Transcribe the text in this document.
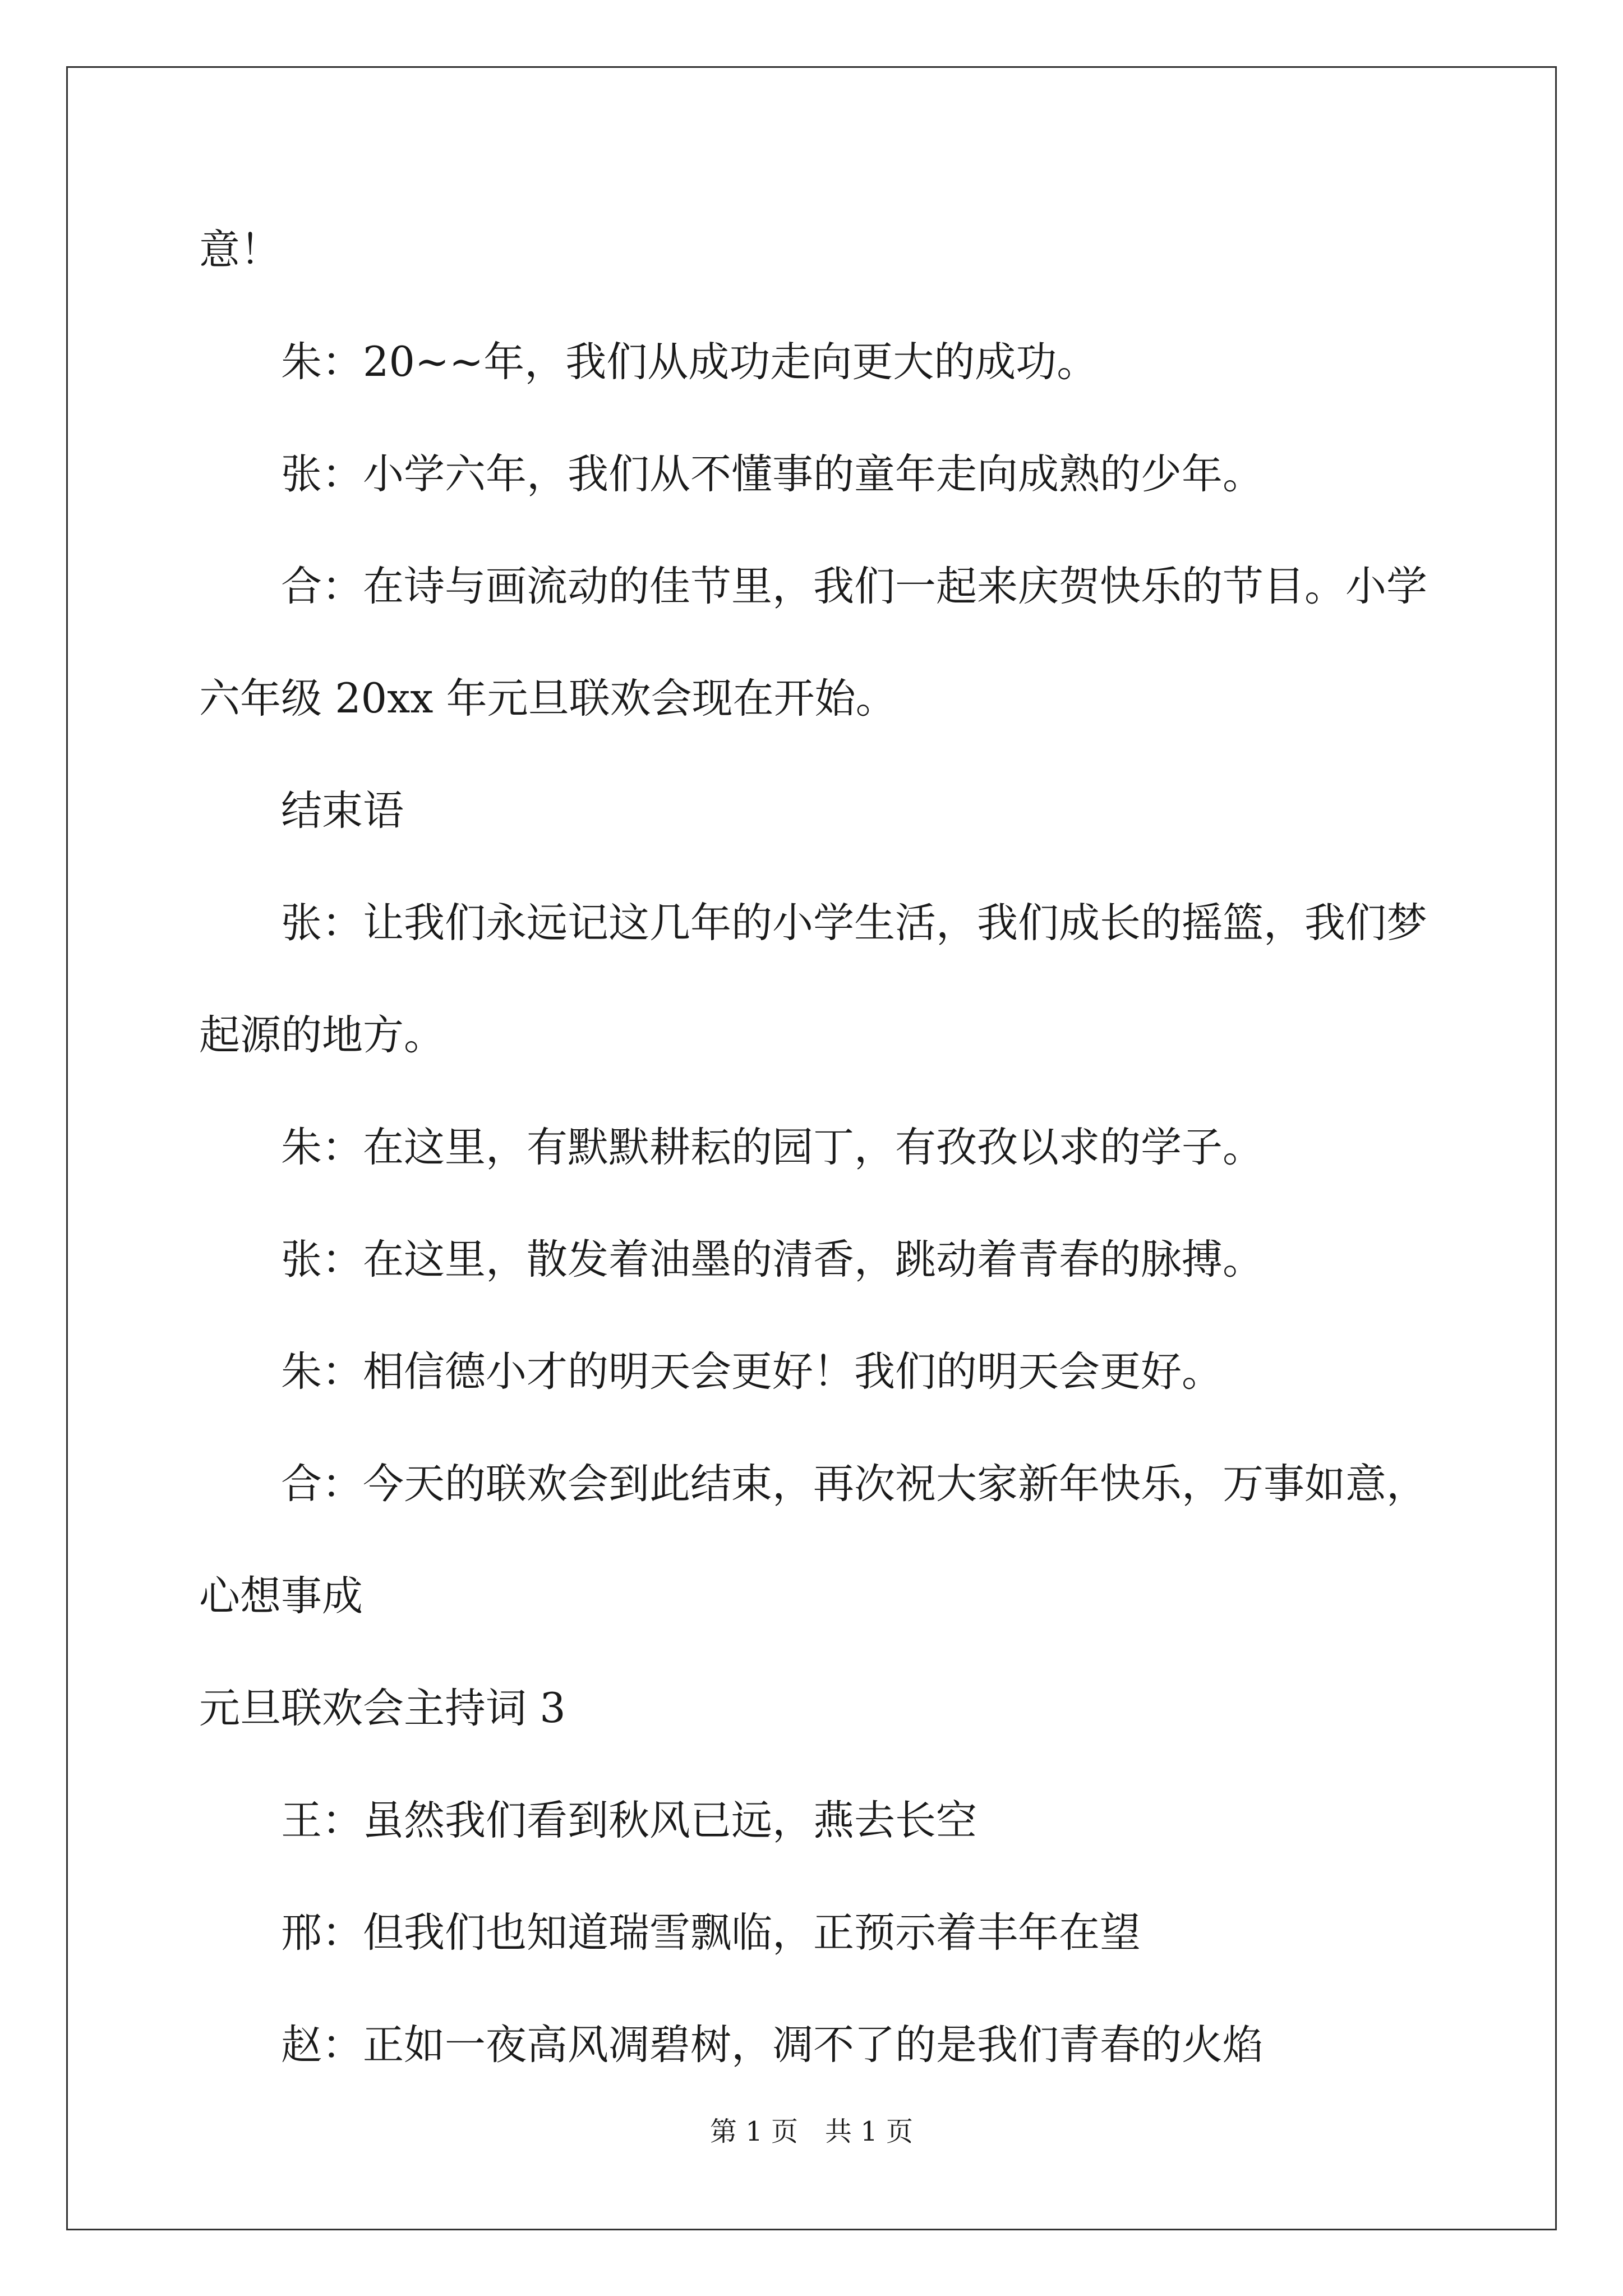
意！

朱：20~~年，我们从成功走向更大的成功。

张：小学六年，我们从不懂事的童年走向成熟的少年。

合：在诗与画流动的佳节里，我们一起来庆贺快乐的节目。小学

六年级 20xx 年元旦联欢会现在开始。

结束语

张：让我们永远记这几年的小学生活，我们成长的摇篮，我们梦

起源的地方。

朱：在这里，有默默耕耘的园丁，有孜孜以求的学子。

张：在这里，散发着油墨的清香，跳动着青春的脉搏。

朱：相信德小才的明天会更好！我们的明天会更好。

合：今天的联欢会到此结束，再次祝大家新年快乐，万事如意，

心想事成

元旦联欢会主持词 3

王：虽然我们看到秋风已远，燕去长空

邢：但我们也知道瑞雪飘临，正预示着丰年在望

赵：正如一夜高风凋碧树，凋不了的是我们青春的火焰

第 1 页 共 1 页
